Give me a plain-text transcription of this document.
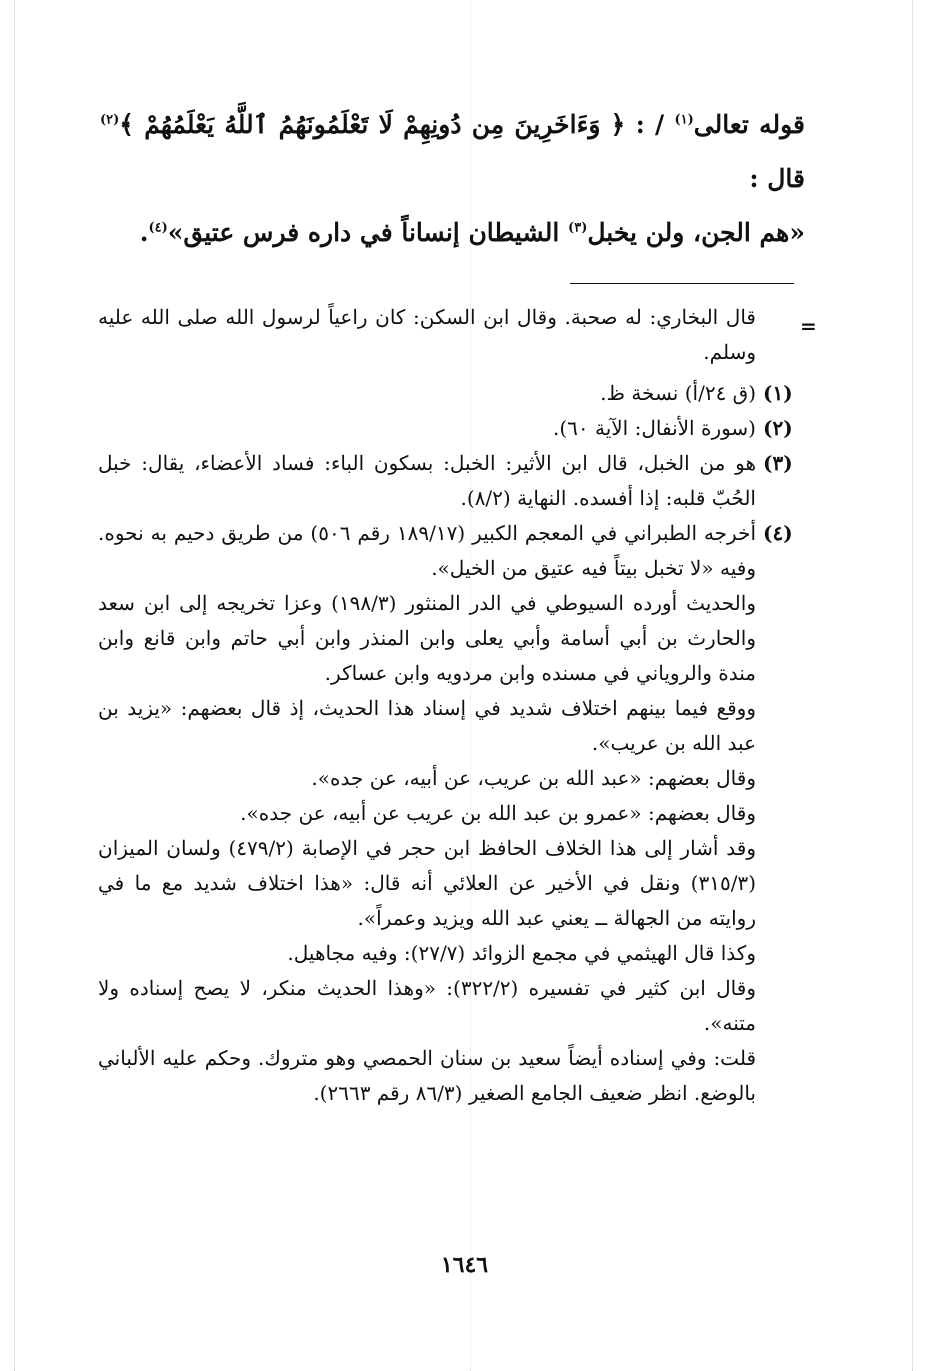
قوله تعالى$^{(١)}$ / : ﴿ وَءَاخَرِينَ مِن دُونِهِمْ لَا تَعْلَمُونَهُمُ ٱللَّهُ يَعْلَمُهُمْ ﴾$^{(٢)}$ قال :

«هم الجن، ولن يخبل$^{(٣)}$ الشيطان إنساناً في داره فرس عتيق»$^{(٤)}$.

=

قال البخاري: له صحبة. وقال ابن السكن: كان راعياً لرسول الله صلى الله عليه وسلم.

(١)
(ق ٢٤/أ) نسخة ظ.

(٢)
(سورة الأنفال: الآية ٦٠).

(٣)
هو من الخبل، قال ابن الأثير: الخبل: بسكون الباء: فساد الأعضاء، يقال: خبل الحُبّ قلبه: إذا أفسده. النهاية (٨/٢).

(٤)
أخرجه الطبراني في المعجم الكبير (١٨٩/١٧ رقم ٥٠٦) من طريق دحيم به نحوه. وفيه «لا تخبل بيتاً فيه عتيق من الخيل».

والحديث أورده السيوطي في الدر المنثور (١٩٨/٣) وعزا تخريجه إلى ابن سعد والحارث بن أبي أسامة وأبي يعلى وابن المنذر وابن أبي حاتم وابن قانع وابن مندة والروياني في مسنده وابن مردويه وابن عساكر.

ووقع فيما بينهم اختلاف شديد في إسناد هذا الحديث، إذ قال بعضهم: «يزيد بن عبد الله بن عريب».

وقال بعضهم: «عبد الله بن عريب، عن أبيه، عن جده».

وقال بعضهم: «عمرو بن عبد الله بن عريب عن أبيه، عن جده».

وقد أشار إلى هذا الخلاف الحافظ ابن حجر في الإصابة (٤٧٩/٢) ولسان الميزان (٣١٥/٣) ونقل في الأخير عن العلائي أنه قال: «هذا اختلاف شديد مع ما في روايته من الجهالة ــ يعني عبد الله ويزيد وعمراً».

وكذا قال الهيثمي في مجمع الزوائد (٢٧/٧): وفيه مجاهيل.

وقال ابن كثير في تفسيره (٣٢٢/٢): «وهذا الحديث منكر، لا يصح إسناده ولا متنه».

قلت: وفي إسناده أيضاً سعيد بن سنان الحمصي وهو متروك. وحكم عليه الألباني بالوضع. انظر ضعيف الجامع الصغير (٨٦/٣ رقم ٢٦٦٣).

١٦٤٦
